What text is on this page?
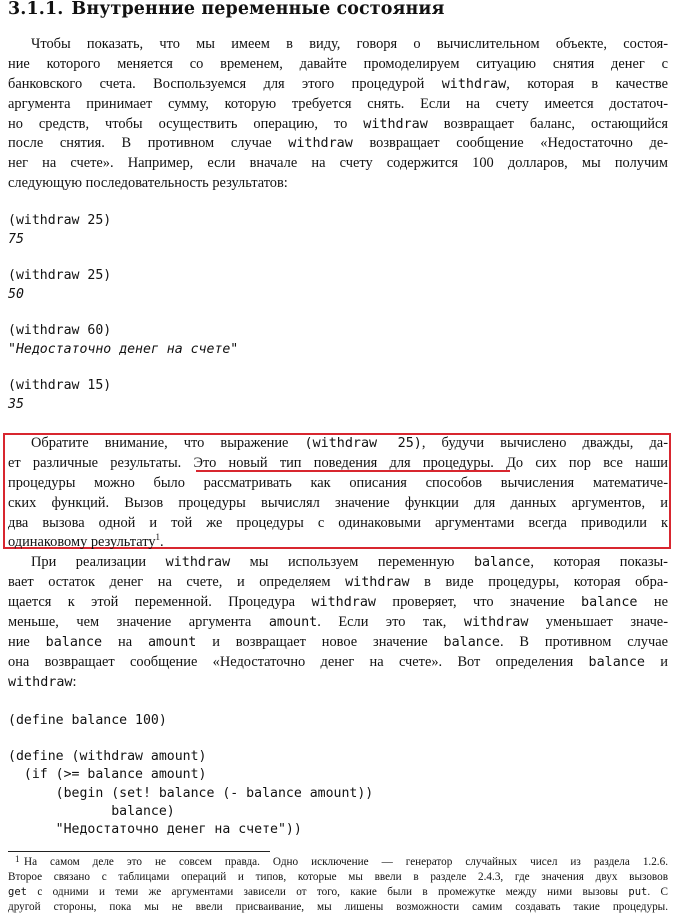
3.1.1. Внутренние переменные состояния
Чтобы показать, что мы имеем в виду, говоря о вычислительном объекте, состоя-
ние которого меняется со временем, давайте промоделируем ситуацию снятия денег с
банковского счета. Воспользуемся для этого процедурой withdraw, которая в качестве
аргумента принимает сумму, которую требуется снять. Если на счету имеется достаточ-
но средств, чтобы осуществить операцию, то withdraw возвращает баланс, остающийся
после снятия. В противном случае withdraw возвращает сообщение «Недостаточно де-
нег на счете». Например, если вначале на счету содержится 100 долларов, мы получим
следующую последовательность результатов:
(withdraw 25)
75
(withdraw 25)
50
(withdraw 60)
"Недостаточно денег на счете"
(withdraw 15)
35
Обратите внимание, что выражение (withdraw 25), будучи вычислено дважды, да-
ет различные результаты. Это новый тип поведения для процедуры. До сих пор все наши
процедуры можно было рассматривать как описания способов вычисления математиче-
ских функций. Вызов процедуры вычислял значение функции для данных аргументов, и
два вызова одной и той же процедуры с одинаковыми аргументами всегда приводили к
одинаковому результату$^1$.
При реализации withdraw мы используем переменную balance, которая показы-
вает остаток денег на счете, и определяем withdraw в виде процедуры, которая обра-
щается к этой переменной. Процедура withdraw проверяет, что значение balance не
меньше, чем значение аргумента amount. Если это так, withdraw уменьшает значе-
ние balance на amount и возвращает новое значение balance. В противном случае
она возвращает сообщение «Недостаточно денег на счете». Вот определения balance и
withdraw:
(define balance 100)
(define (withdraw amount)
(if (>= balance amount)
(begin (set! balance (- balance amount))
balance)
"Недостаточно денег на счете"))
1 На самом деле это не совсем правда. Одно исключение — генератор случайных чисел из раздела 1.2.6.
Второе связано с таблицами операций и типов, которые мы ввели в разделе 2.4.3, где значения двух вызовов
get с одними и теми же аргументами зависели от того, какие были в промежутке между ними вызовы put. С
другой стороны, пока мы не ввели присваивание, мы лишены возможности самим создавать такие процедуры.
